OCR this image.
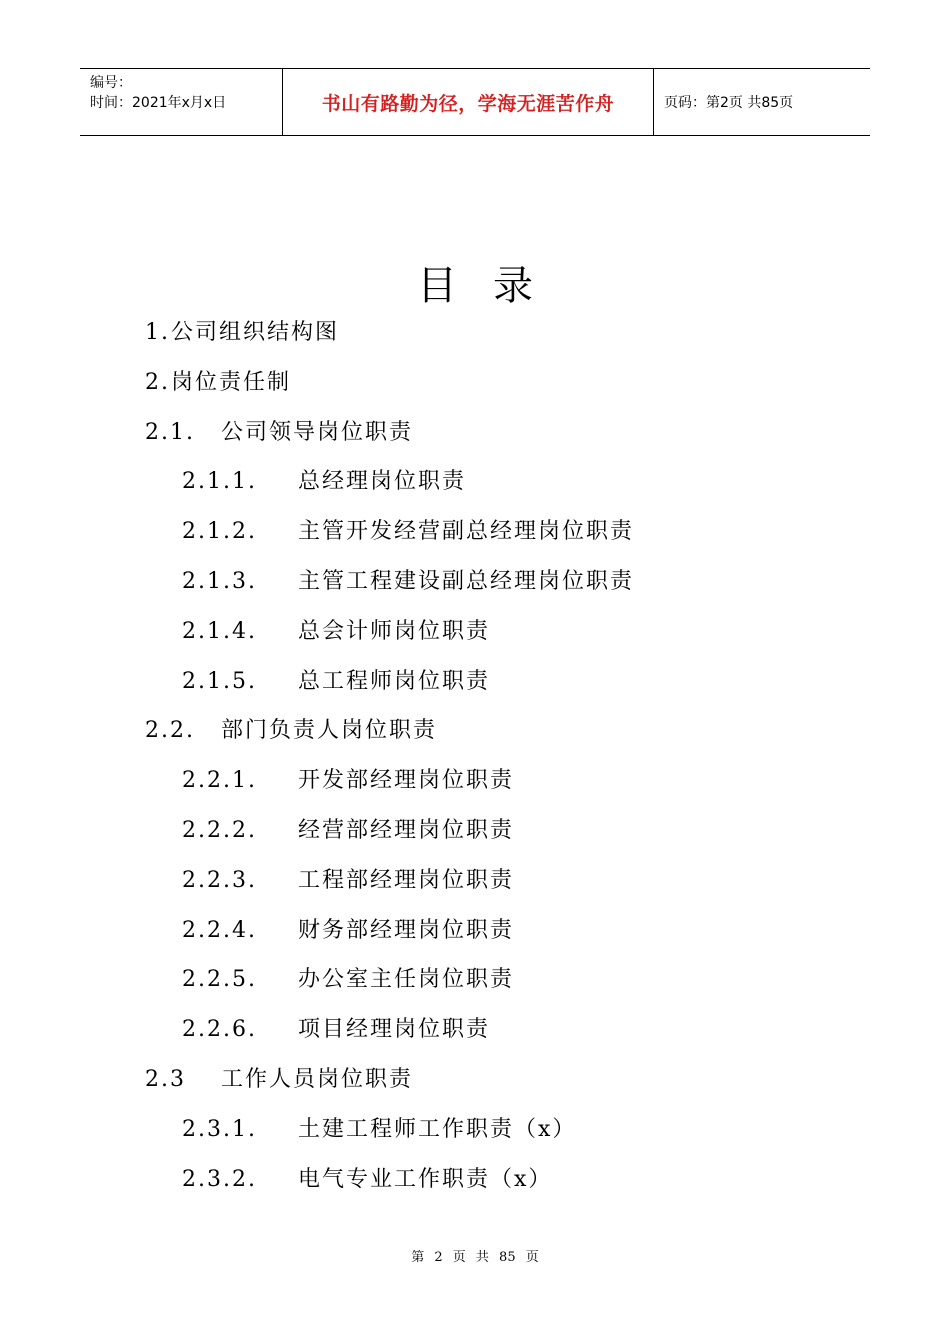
编号：
时间：2021年x月x日	书山有路勤为径，学海无涯苦作舟	页码：第2页 共85页
目录
1. 公司组织结构图
2. 岗位责任制
2.1. 公司领导岗位职责
2.1.1. 总经理岗位职责
2.1.2. 主管开发经营副总经理岗位职责
2.1.3. 主管工程建设副总经理岗位职责
2.1.4. 总会计师岗位职责
2.1.5. 总工程师岗位职责
2.2. 部门负责人岗位职责
2.2.1. 开发部经理岗位职责
2.2.2. 经营部经理岗位职责
2.2.3. 工程部经理岗位职责
2.2.4. 财务部经理岗位职责
2.2.5. 办公室主任岗位职责
2.2.6. 项目经理岗位职责
2.3 工作人员岗位职责
2.3.1. 土建工程师工作职责（x）
2.3.2. 电气专业工作职责（x）
第 2 页 共 85 页
